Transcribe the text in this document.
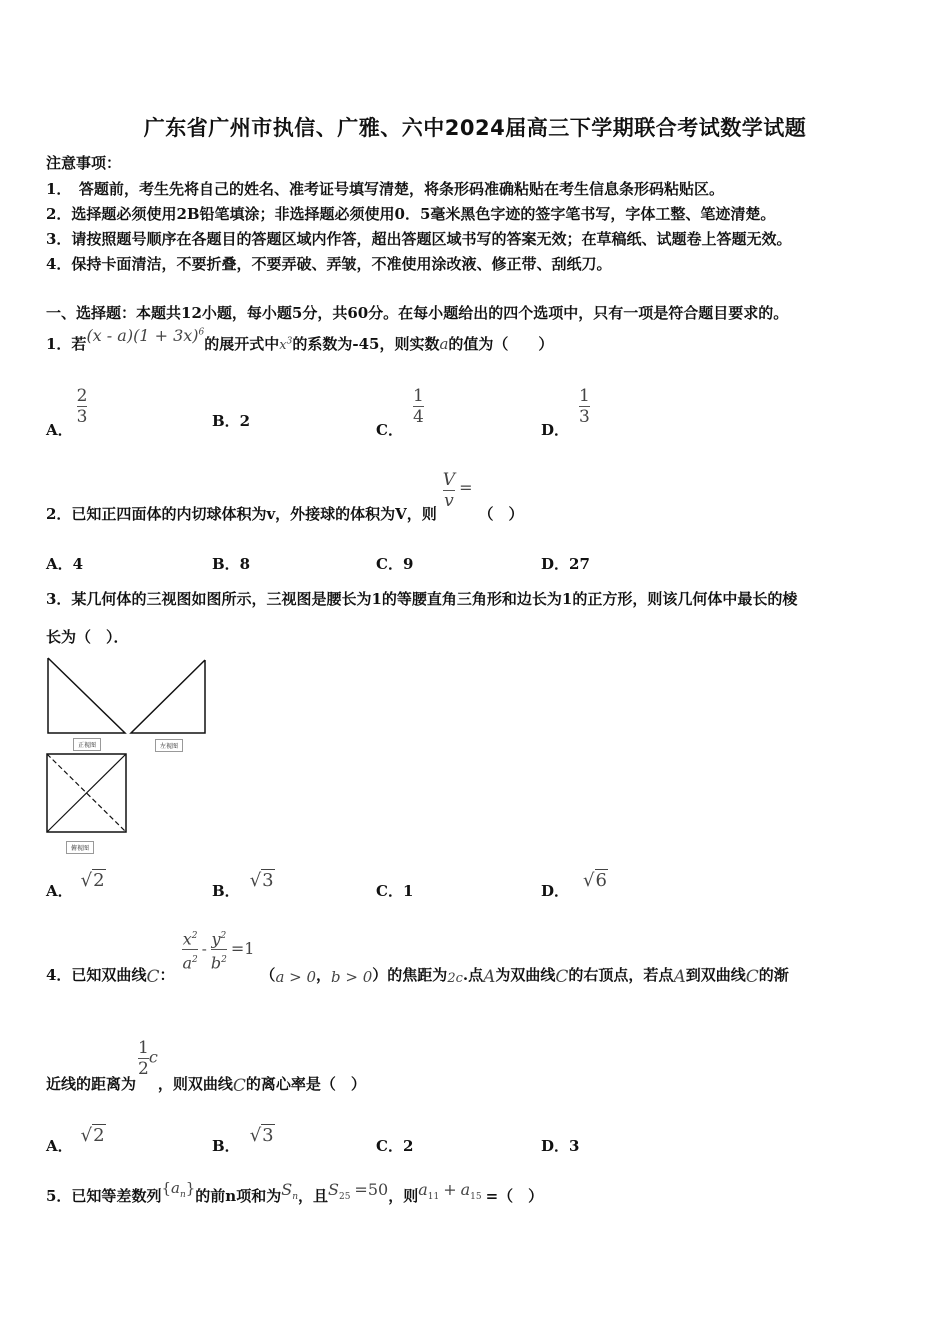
广东省广州市执信、广雅、六中2024届高三下学期联合考试数学试题
注意事项：
1．　答题前，考生先将自己的姓名、准考证号填写清楚，将条形码准确粘贴在考生信息条形码粘贴区。
2．选择题必须使用2B铅笔填涂；非选择题必须使用0．5毫米黑色字迹的签字笔书写，字体工整、笔迹清楚。
3．请按照题号顺序在各题目的答题区域内作答，超出答题区域书写的答案无效；在草稿纸、试题卷上答题无效。
4．保持卡面清洁，不要折叠，不要弄破、弄皱，不准使用涂改液、修正带、刮纸刀。
一、选择题：本题共12小题，每小题5分，共60分。在每小题给出的四个选项中，只有一项是符合题目要求的。
1．若$(x - a)(1 + 3x)^6$的展开式中$x^3$的系数为-45，则实数a的值为（　　）
A．
$\frac{2}{3}$	B．2	C．
$\frac{1}{4}$
D．
$\frac{1}{3}$
2．已知正四面体的内切球体积为v，外接球的体积为V，则
$\frac{V}{v}$ =（　）
A．4	B．8	C．9	D．27
3．某几何体的三视图如图所示，三视图是腰长为1的等腰直角三角形和边长为1的正方形，则该几何体中最长的棱
长为（　）．
正视图	左视图
俯视图
A． √2	B． √3	C．1	D． √6
4．已知双曲线C：
$\frac{x^2}{a^2} - \frac{y^2}{b^2} =1(a > 0$，b > 0）的焦距为2c.点A为双曲线C的右顶点，若点A到双曲线C的渐
近线的距离为
$\frac{1}{2}$ c，则双曲线C的离心率是（　）
A． √2	B． √3	C．2	D．3
5．已知等差数列$\{a_n\}$的前n项和为$S_n$，且$S_{25} =50$，则$a_{11} + a_{15}$ =（　）
